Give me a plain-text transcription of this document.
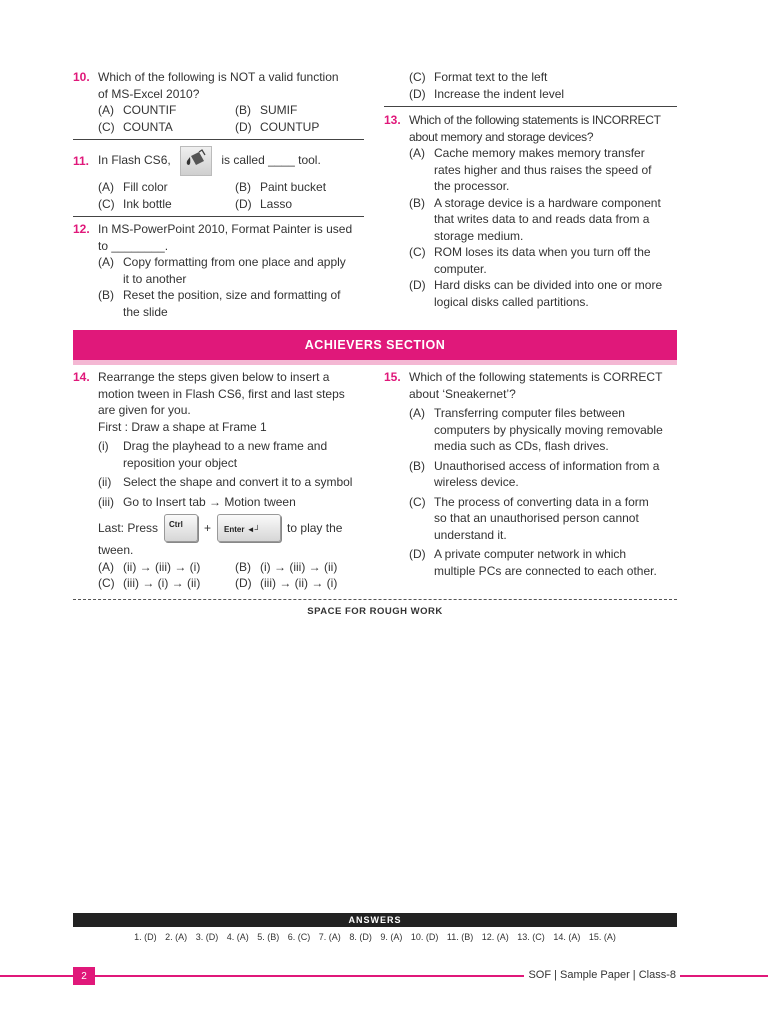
10. Which of the following is NOT a valid function
of MS-Excel 2010?
(A) COUNTIF	(B) SUMIF
(C) COUNTA	(D) COUNTUP
11. In Flash CS6,	is called ____ tool.
(A) Fill color	(B) Paint bucket
(C) Ink bottle	(D) Lasso
12. In MS-PowerPoint 2010, Format Painter is used
to ________.
(A) Copy formatting from one place and apply
it to another
(B) Reset the position, size and formatting of
the slide
(C) Format text to the left
(D) Increase the indent level
13. Which of the following statements is INCORRECT
about memory and storage devices?
(A) Cache memory makes memory transfer
rates higher and thus raises the speed of
the processor.
(B) A storage device is a hardware component
that writes data to and reads data from a
storage medium.
(C) ROM loses its data when you turn off the
computer.
(D) Hard disks can be divided into one or more
logical disks called partitions.
ACHIEVERS SECTION
14. Rearrange the steps given below to insert a
motion tween in Flash CS6, first and last steps
are given for you.
First : Draw a shape at Frame 1
(i)	Drag the playhead to a new frame and
reposition your object
(ii) Select the shape and convert it to a symbol
(iii) Go to Insert tab → Motion tween
Last: Press	Ctrl	+	Enter ◄┘	to play the
tween.
(A) (ii) → (iii) → (i)	(B) (i) → (iii) → (ii)
(C) (iii) → (i) → (ii)	(D) (iii) → (ii) → (i)
15. Which of the following statements is CORRECT
about ‘Sneakernet’?
(A) Transferring computer files between
computers by physically moving removable
media such as CDs, flash drives.
(B) Unauthorised access of information from a
wireless device.
(C) The process of converting data in a form
so that an unauthorised person cannot
understand it.
(D) A private computer network in which
multiple PCs are connected to each other.
SPACE FOR ROUGH WORK
ANSWERS
1. (D) 2. (A) 3. (D) 4. (A) 5. (B) 6. (C) 7. (A) 8. (D) 9. (A) 10. (D) 11. (B) 12. (A) 13. (C) 14. (A) 15. (A)
2	SOF | Sample Paper | Class-8
